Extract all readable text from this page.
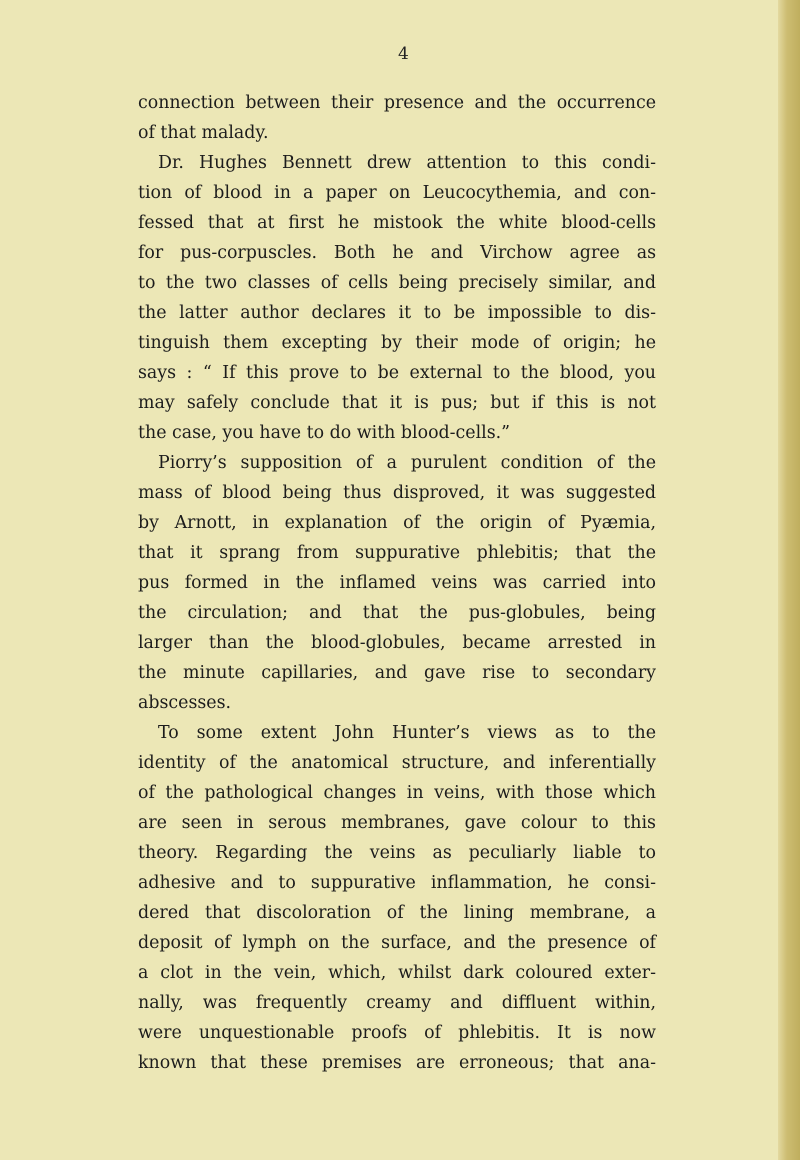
4
connection between their presence and the occurrence
of that malady.
Dr. Hughes Bennett drew attention to this condi-
tion of blood in a paper on Leucocythemia, and con-
fessed that at first he mistook the white blood-cells
for pus-corpuscles. Both he and Virchow agree as
to the two classes of cells being precisely similar, and
the latter author declares it to be impossible to dis-
tinguish them excepting by their mode of origin; he
says : “ If this prove to be external to the blood, you
may safely conclude that it is pus; but if this is not
the case, you have to do with blood-cells.”
Piorry’s supposition of a purulent condition of the
mass of blood being thus disproved, it was suggested
by Arnott, in explanation of the origin of Pyæmia,
that it sprang from suppurative phlebitis; that the
pus formed in the inflamed veins was carried into
the circulation; and that the pus-globules, being
larger than the blood-globules, became arrested in
the minute capillaries, and gave rise to secondary
abscesses.
To some extent John Hunter’s views as to the
identity of the anatomical structure, and inferentially
of the pathological changes in veins, with those which
are seen in serous membranes, gave colour to this
theory. Regarding the veins as peculiarly liable to
adhesive and to suppurative inflammation, he consi-
dered that discoloration of the lining membrane, a
deposit of lymph on the surface, and the presence of
a clot in the vein, which, whilst dark coloured exter-
nally, was frequently creamy and diffluent within,
were unquestionable proofs of phlebitis. It is now
known that these premises are erroneous; that ana-
